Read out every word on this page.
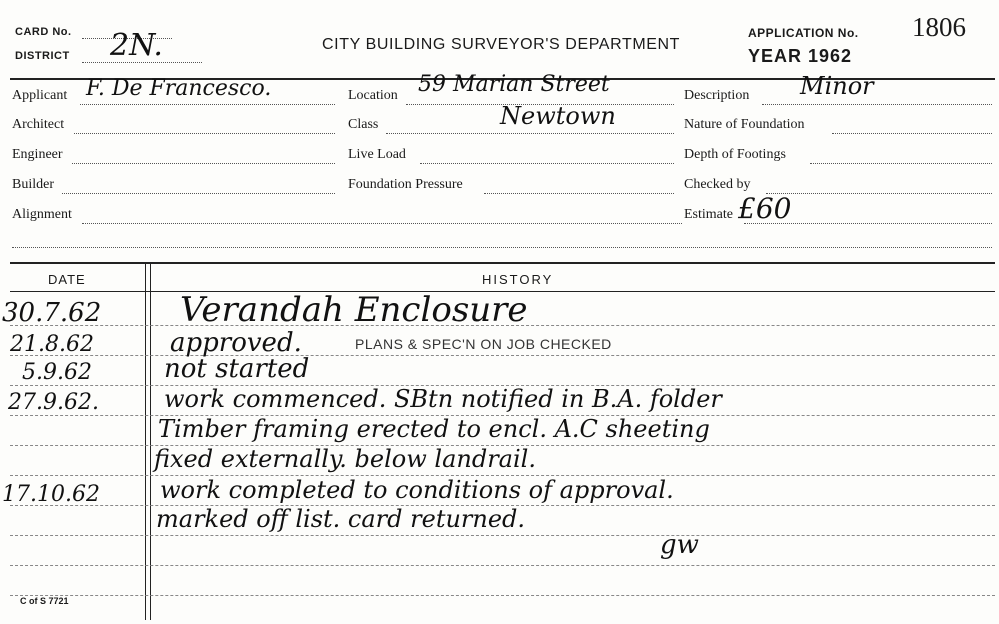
CARD No.
DISTRICT 2N.	CITY BUILDING SURVEYOR'S DEPARTMENT
APPLICATION No. 1806
YEAR 1962
Applicant F. De Francesco.
Architect
Engineer
Builder
Alignment
Location 59 Marian Street
Class	Newtown
Live Load
Foundation Pressure
Description Minor
Nature of Foundation
Depth of Footings
Checked by
Estimate £60
DATE	HISTORY
30.7.62 Verandah Enclosure
21.8.62	approved.	PLANS & SPEC'N ON JOB CHECKED
5.9.62	not started
27.9.62.	work commenced. SBtn notified in B.A. folder
Timber framing erected to encl. A.C sheeting
fixed externally. below landrail.
17.10.62	work completed to conditions of approval.
marked off list. card returned.
gw
C of S 7721
